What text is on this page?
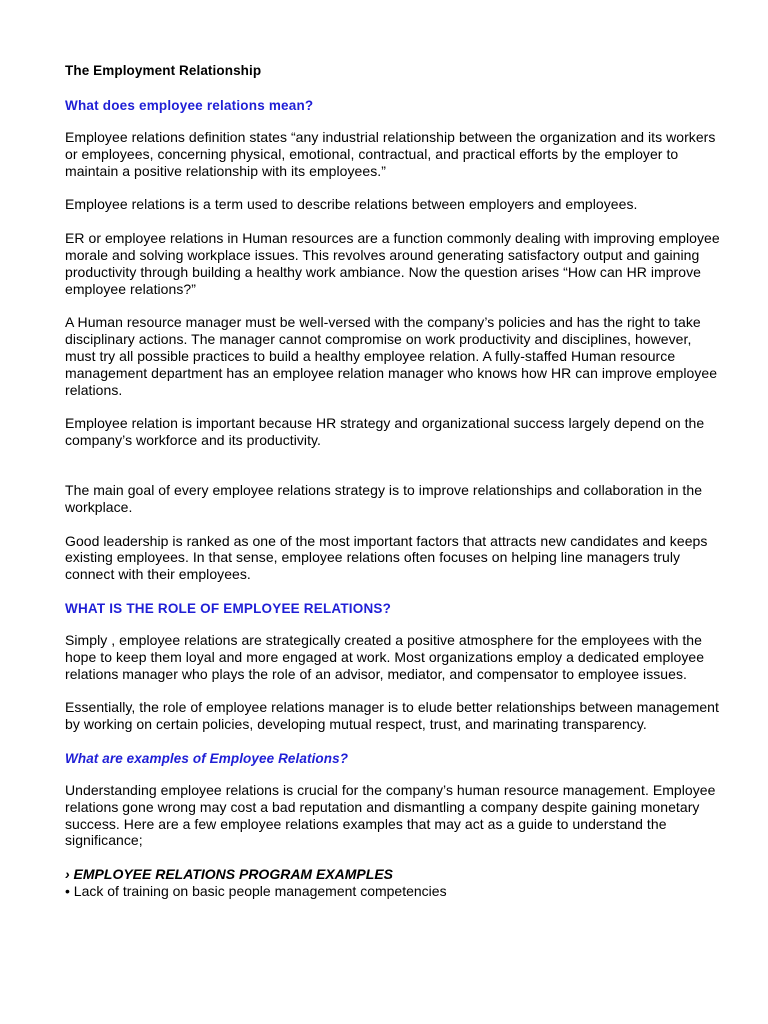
The Employment Relationship
What does employee relations mean?

Employee relations definition states “any industrial relationship between the organization and its workers or employees, concerning physical, emotional, contractual, and practical efforts by the employer to maintain a positive relationship with its employees.”

Employee relations is a term used to describe relations between employers and employees.

ER or employee relations in Human resources are a function commonly dealing with improving employee morale and solving workplace issues. This revolves around generating satisfactory output and gaining productivity through building a healthy work ambiance. Now the question arises “How can HR improve employee relations?”

A Human resource manager must be well-versed with the company’s policies and has the right to take disciplinary actions. The manager cannot compromise on work productivity and disciplines, however, must try all possible practices to build a healthy employee relation. A fully-staffed Human resource management department has an employee relation manager who knows how HR can improve employee relations.

Employee relation is important because HR strategy and organizational success largely depend on the company’s workforce and its productivity.

The main goal of every employee relations strategy is to improve relationships and collaboration in the workplace.

Good leadership is ranked as one of the most important factors that attracts new candidates and keeps existing employees. In that sense, employee relations often focuses on helping line managers truly connect with their employees.

WHAT IS THE ROLE OF EMPLOYEE RELATIONS?

Simply , employee relations are strategically created a positive atmosphere for the employees with the hope to keep them loyal and more engaged at work. Most organizations employ a dedicated employee relations manager who plays the role of an advisor, mediator, and compensator to employee issues.

Essentially, the role of employee relations manager is to elude better relationships between management by working on certain policies, developing mutual respect, trust, and marinating transparency.

What are examples of Employee Relations?

Understanding employee relations is crucial for the company’s human resource management. Employee relations gone wrong may cost a bad reputation and dismantling a company despite gaining monetary success. Here are a few employee relations examples that may act as a guide to understand the significance;

› EMPLOYEE RELATIONS PROGRAM EXAMPLES
• Lack of training on basic people management competencies
